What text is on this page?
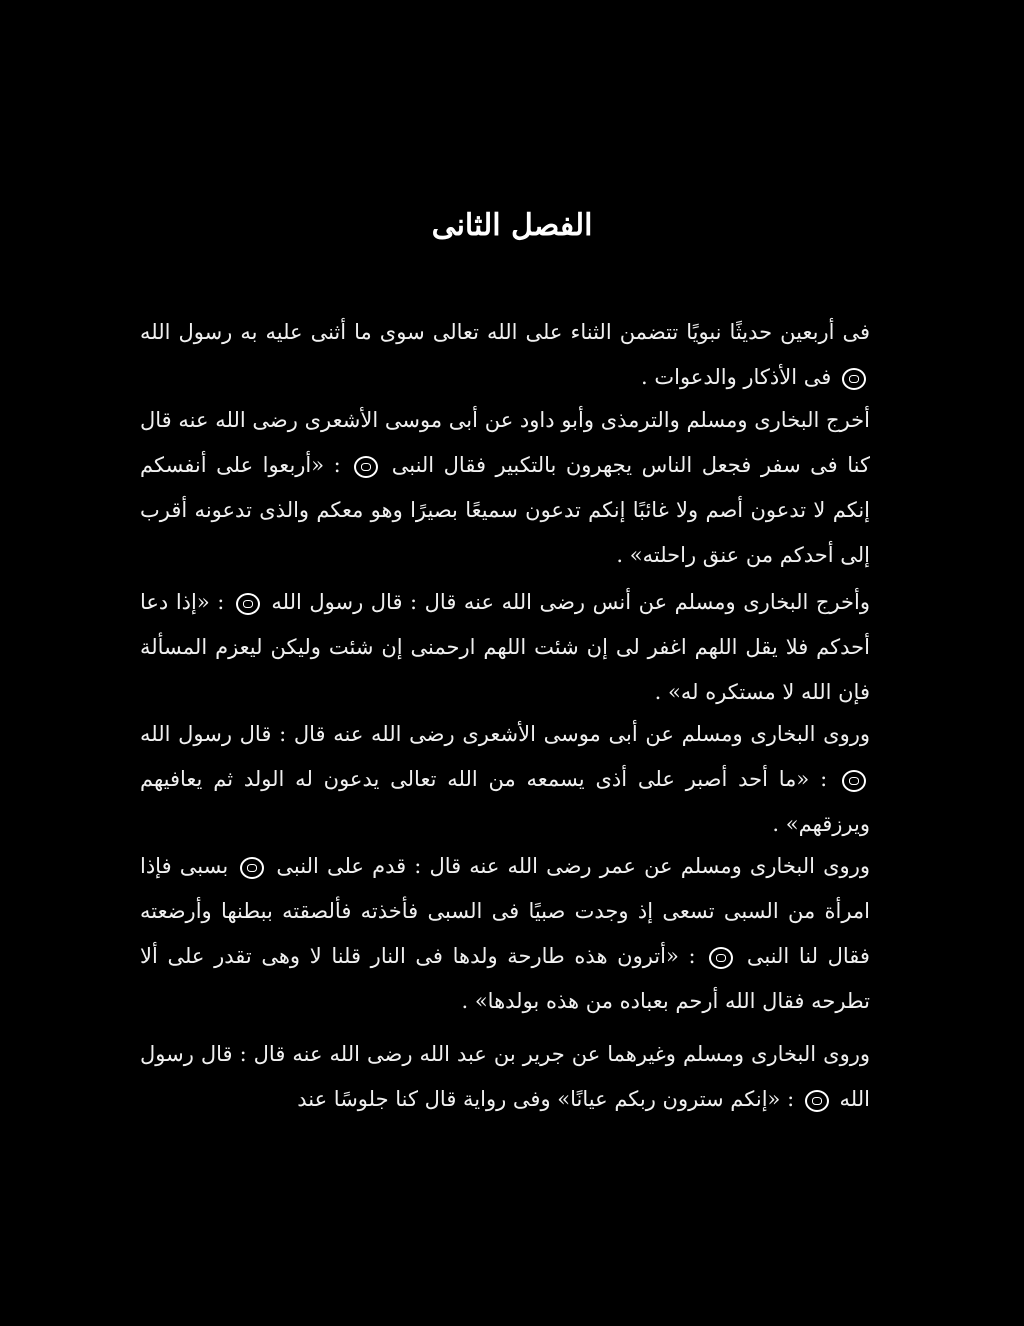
الفصل الثانى
فى أربعين حديثًا نبويًا تتضمن الثناء على الله تعالى سوى ما أثنى عليه به رسول الله  فى الأذكار والدعوات .
أخرج البخارى ومسلم والترمذى وأبو داود عن أبى موسى الأشعرى رضى الله عنه قال كنا فى سفر فجعل الناس يجهرون بالتكبير فقال النبى  : «أربعوا على أنفسكم إنكم لا تدعون أصم ولا غائبًا إنكم تدعون سميعًا بصيرًا وهو معكم والذى تدعونه أقرب إلى أحدكم من عنق راحلته» .
وأخرج البخارى ومسلم عن أنس رضى الله عنه قال : قال رسول الله  : «إذا دعا أحدكم فلا يقل اللهم اغفر لى إن شئت اللهم ارحمنى إن شئت وليكن ليعزم المسألة فإن الله لا مستكره له» .
وروى البخارى ومسلم عن أبى موسى الأشعرى رضى الله عنه قال : قال رسول الله  : «ما أحد أصبر على أذى يسمعه من الله تعالى يدعون له الولد ثم يعافيهم ويرزقهم» .
وروى البخارى ومسلم عن عمر رضى الله عنه قال : قدم على النبى  بسبى فإذا امرأة من السبى تسعى إذ وجدت صبيًا فى السبى فأخذته فألصقته ببطنها وأرضعته فقال لنا النبى  : «أترون هذه طارحة ولدها فى النار قلنا لا وهى تقدر على ألا تطرحه فقال الله أرحم بعباده من هذه بولدها» .
وروى البخارى ومسلم وغيرهما عن جرير بن عبد الله رضى الله عنه قال : قال رسول الله  : «إنكم سترون ربكم عيانًا» وفى رواية قال كنا جلوسًا عند
